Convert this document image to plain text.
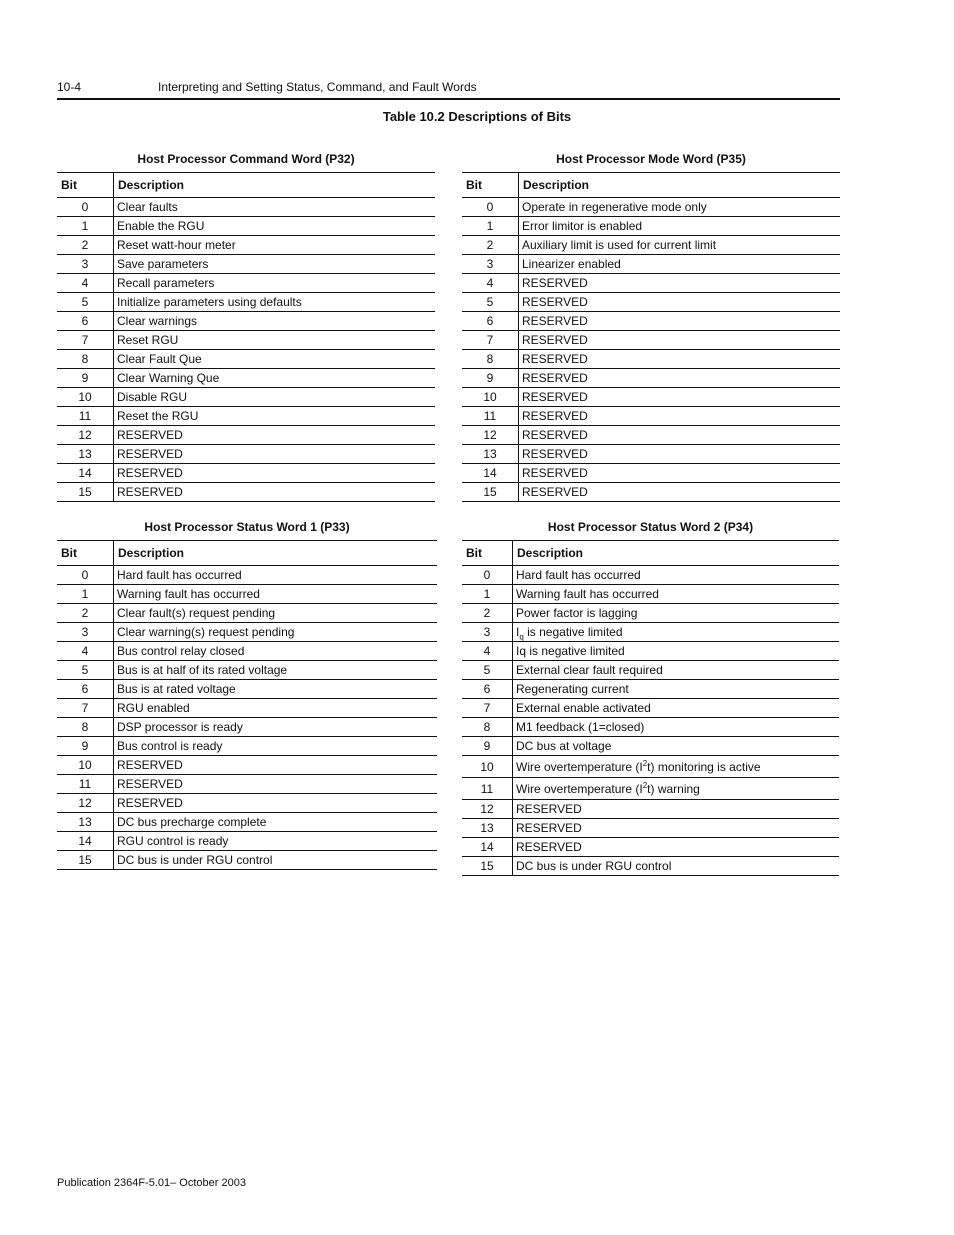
10-4	Interpreting and Setting Status, Command, and Fault Words
Table 10.2 Descriptions of Bits
Host Processor Command Word (P32)
Bit	Description
0	Clear faults
1	Enable the RGU
2	Reset watt-hour meter
3	Save parameters
4	Recall parameters
5	Initialize parameters using defaults
6	Clear warnings
7	Reset RGU
8	Clear Fault Que
9	Clear Warning Que
10	Disable RGU
11	Reset the RGU
12	RESERVED
13	RESERVED
14	RESERVED
15	RESERVED
Host Processor Mode Word (P35)
Bit	Description
0	Operate in regenerative mode only
1	Error limitor is enabled
2	Auxiliary limit is used for current limit
3	Linearizer enabled
4	RESERVED
5	RESERVED
6	RESERVED
7	RESERVED
8	RESERVED
9	RESERVED
10	RESERVED
11	RESERVED
12	RESERVED
13	RESERVED
14	RESERVED
15	RESERVED
Host Processor Status Word 1 (P33)
Bit	Description
0	Hard fault has occurred
1	Warning fault has occurred
2	Clear fault(s) request pending
3	Clear warning(s) request pending
4	Bus control relay closed
5	Bus is at half of its rated voltage
6	Bus is at rated voltage
7	RGU enabled
8	DSP processor is ready
9	Bus control is ready
10	RESERVED
11	RESERVED
12	RESERVED
13	DC bus precharge complete
14	RGU control is ready
15	DC bus is under RGU control
Host Processor Status Word 2 (P34)
Bit	Description
0	Hard fault has occurred
1	Warning fault has occurred
2	Power factor is lagging
3	$I_q$ is negative limited
4	Iq is negative limited
5	External clear fault required
6	Regenerating current
7	External enable activated
8	M1 feedback (1=closed)
9	DC bus at voltage
10	Wire overtemperature $(I^2t)$ monitoring is active
11	Wire overtemperature $(I^2t)$ warning
12	RESERVED
13	RESERVED
14	RESERVED
15	DC bus is under RGU control
Publication 2364F-5.01– October 2003
